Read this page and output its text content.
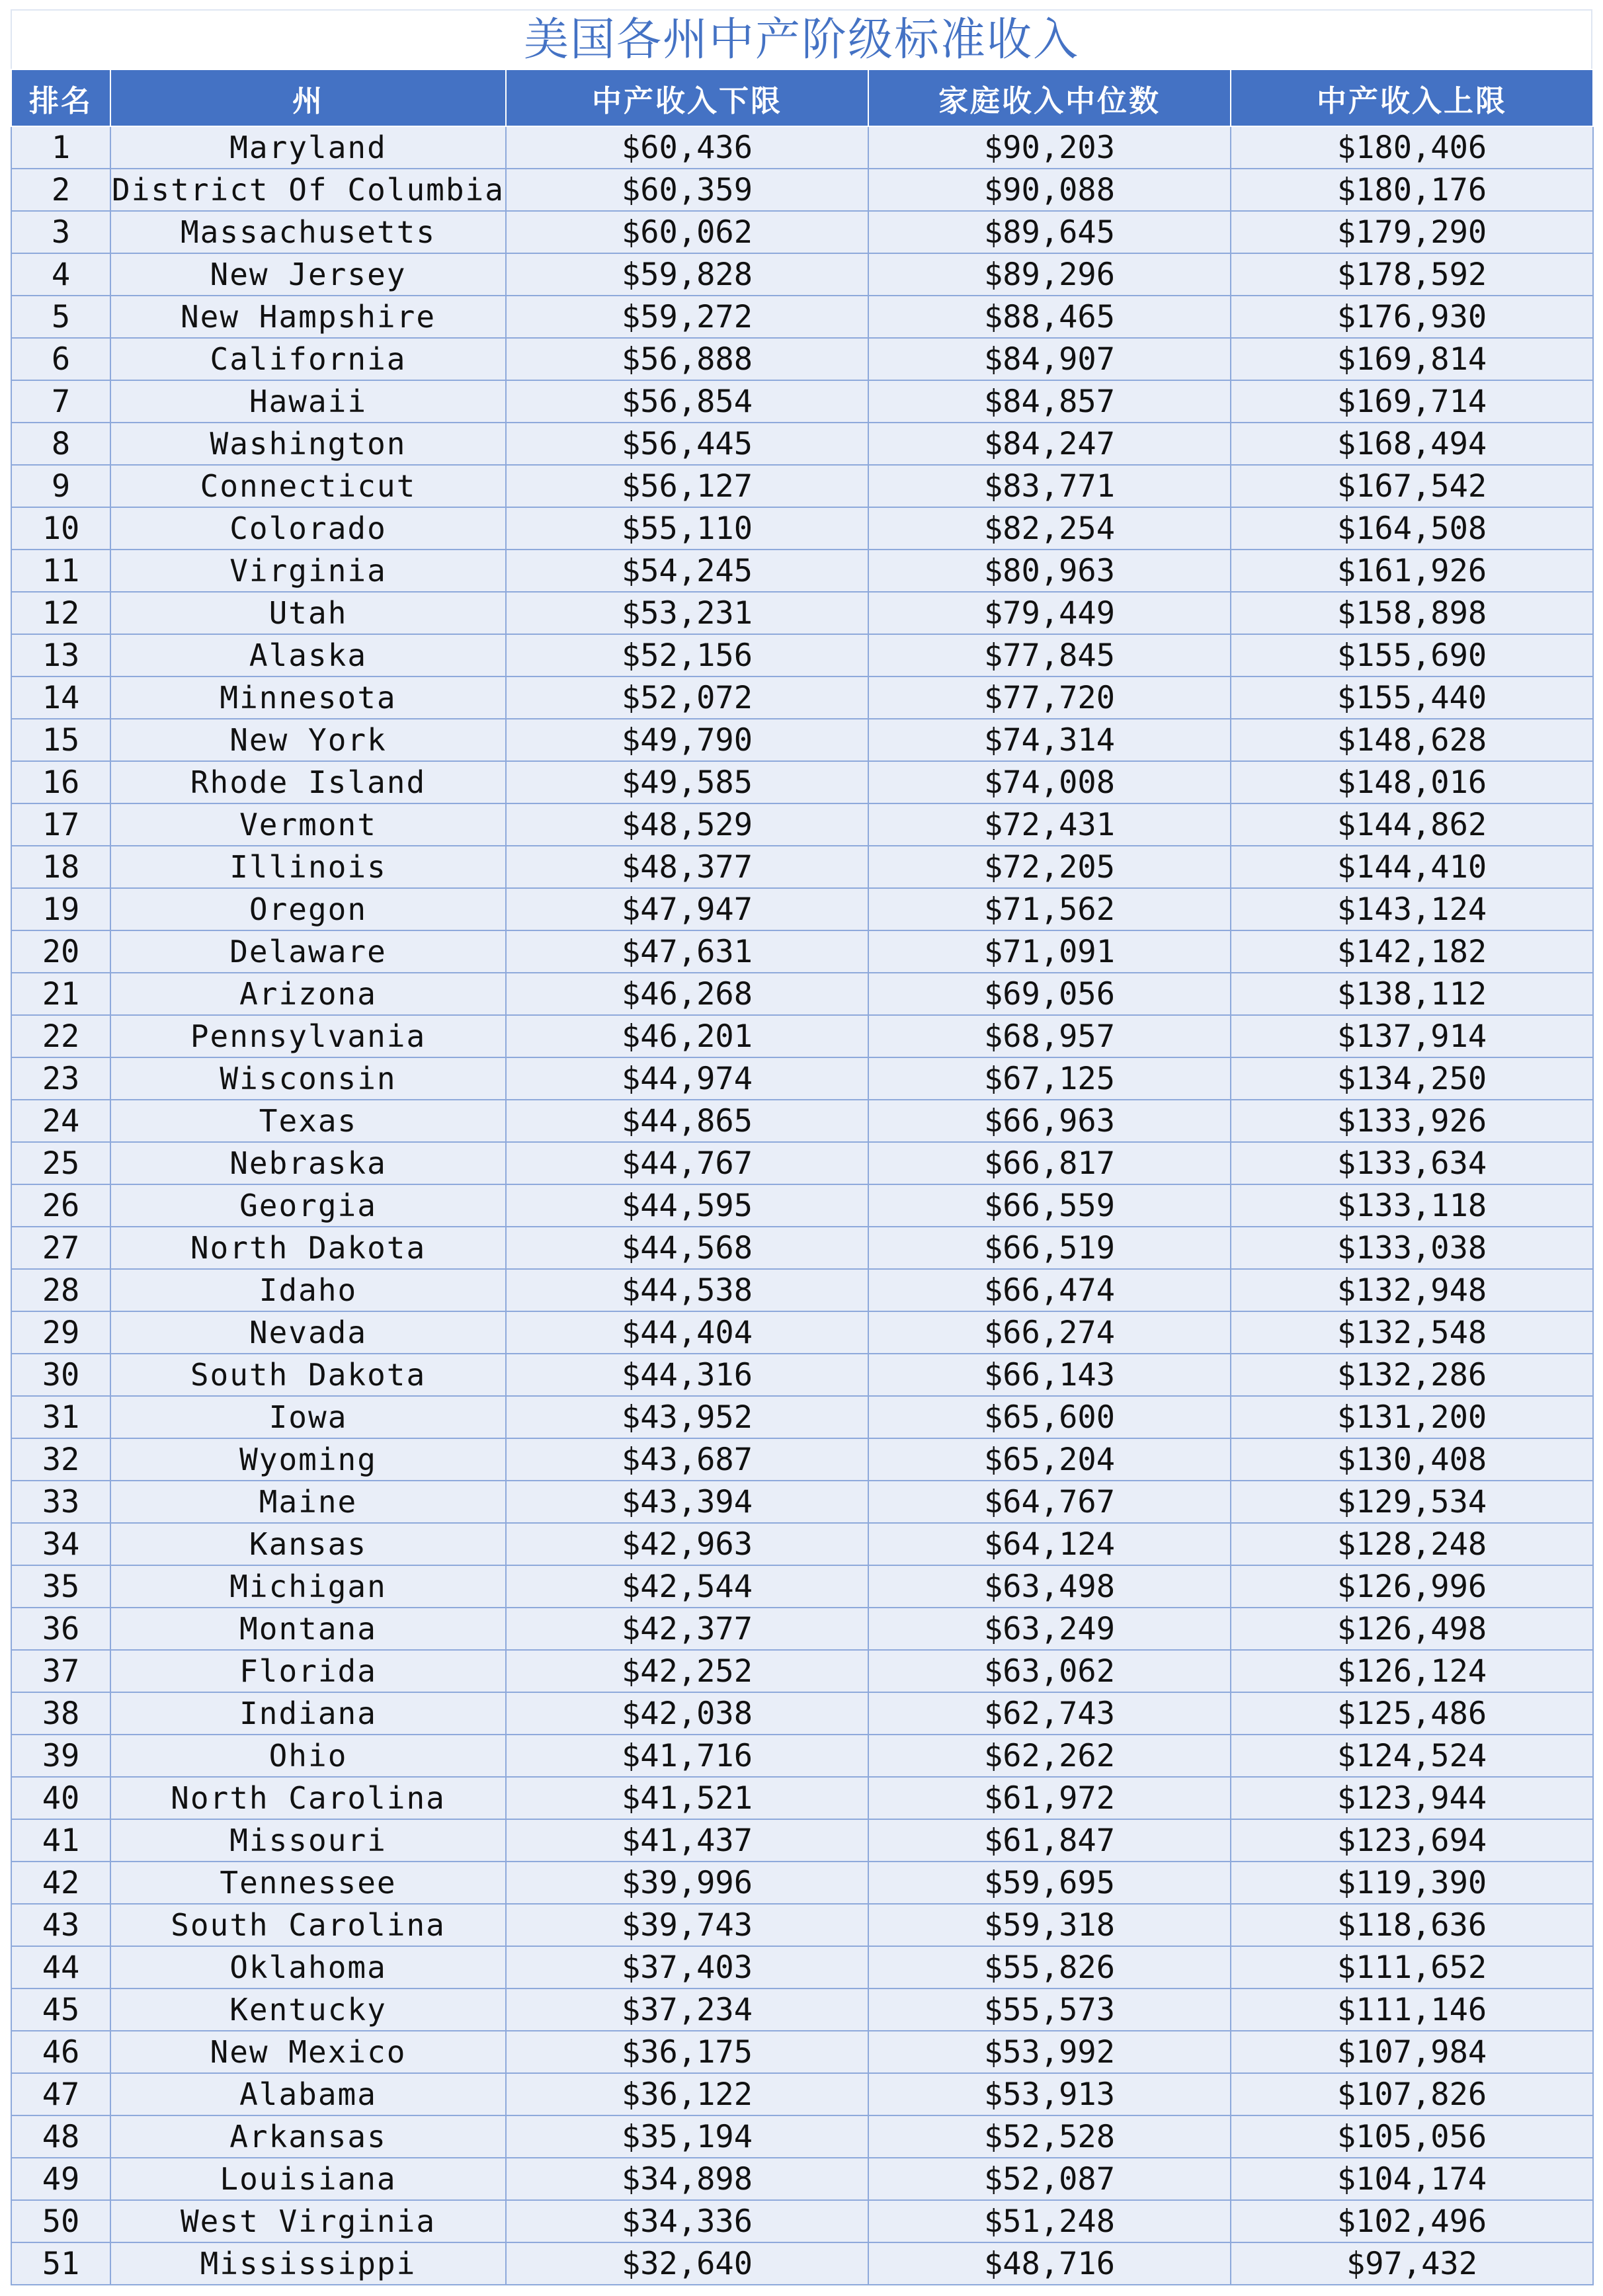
美国各州中产阶级标准收入
排名	州	中产收入下限	家庭收入中位数	中产收入上限
1	Maryland	$60,436	$90,203	$180,406
2	District Of Columbia	$60,359	$90,088	$180,176
3	Massachusetts	$60,062	$89,645	$179,290
4	New Jersey	$59,828	$89,296	$178,592
5	New Hampshire	$59,272	$88,465	$176,930
6	California	$56,888	$84,907	$169,814
7	Hawaii	$56,854	$84,857	$169,714
8	Washington	$56,445	$84,247	$168,494
9	Connecticut	$56,127	$83,771	$167,542
10	Colorado	$55,110	$82,254	$164,508
11	Virginia	$54,245	$80,963	$161,926
12	Utah	$53,231	$79,449	$158,898
13	Alaska	$52,156	$77,845	$155,690
14	Minnesota	$52,072	$77,720	$155,440
15	New York	$49,790	$74,314	$148,628
16	Rhode Island	$49,585	$74,008	$148,016
17	Vermont	$48,529	$72,431	$144,862
18	Illinois	$48,377	$72,205	$144,410
19	Oregon	$47,947	$71,562	$143,124
20	Delaware	$47,631	$71,091	$142,182
21	Arizona	$46,268	$69,056	$138,112
22	Pennsylvania	$46,201	$68,957	$137,914
23	Wisconsin	$44,974	$67,125	$134,250
24	Texas	$44,865	$66,963	$133,926
25	Nebraska	$44,767	$66,817	$133,634
26	Georgia	$44,595	$66,559	$133,118
27	North Dakota	$44,568	$66,519	$133,038
28	Idaho	$44,538	$66,474	$132,948
29	Nevada	$44,404	$66,274	$132,548
30	South Dakota	$44,316	$66,143	$132,286
31	Iowa	$43,952	$65,600	$131,200
32	Wyoming	$43,687	$65,204	$130,408
33	Maine	$43,394	$64,767	$129,534
34	Kansas	$42,963	$64,124	$128,248
35	Michigan	$42,544	$63,498	$126,996
36	Montana	$42,377	$63,249	$126,498
37	Florida	$42,252	$63,062	$126,124
38	Indiana	$42,038	$62,743	$125,486
39	Ohio	$41,716	$62,262	$124,524
40	North Carolina	$41,521	$61,972	$123,944
41	Missouri	$41,437	$61,847	$123,694
42	Tennessee	$39,996	$59,695	$119,390
43	South Carolina	$39,743	$59,318	$118,636
44	Oklahoma	$37,403	$55,826	$111,652
45	Kentucky	$37,234	$55,573	$111,146
46	New Mexico	$36,175	$53,992	$107,984
47	Alabama	$36,122	$53,913	$107,826
48	Arkansas	$35,194	$52,528	$105,056
49	Louisiana	$34,898	$52,087	$104,174
50	West Virginia	$34,336	$51,248	$102,496
51	Mississippi	$32,640	$48,716	$97,432
